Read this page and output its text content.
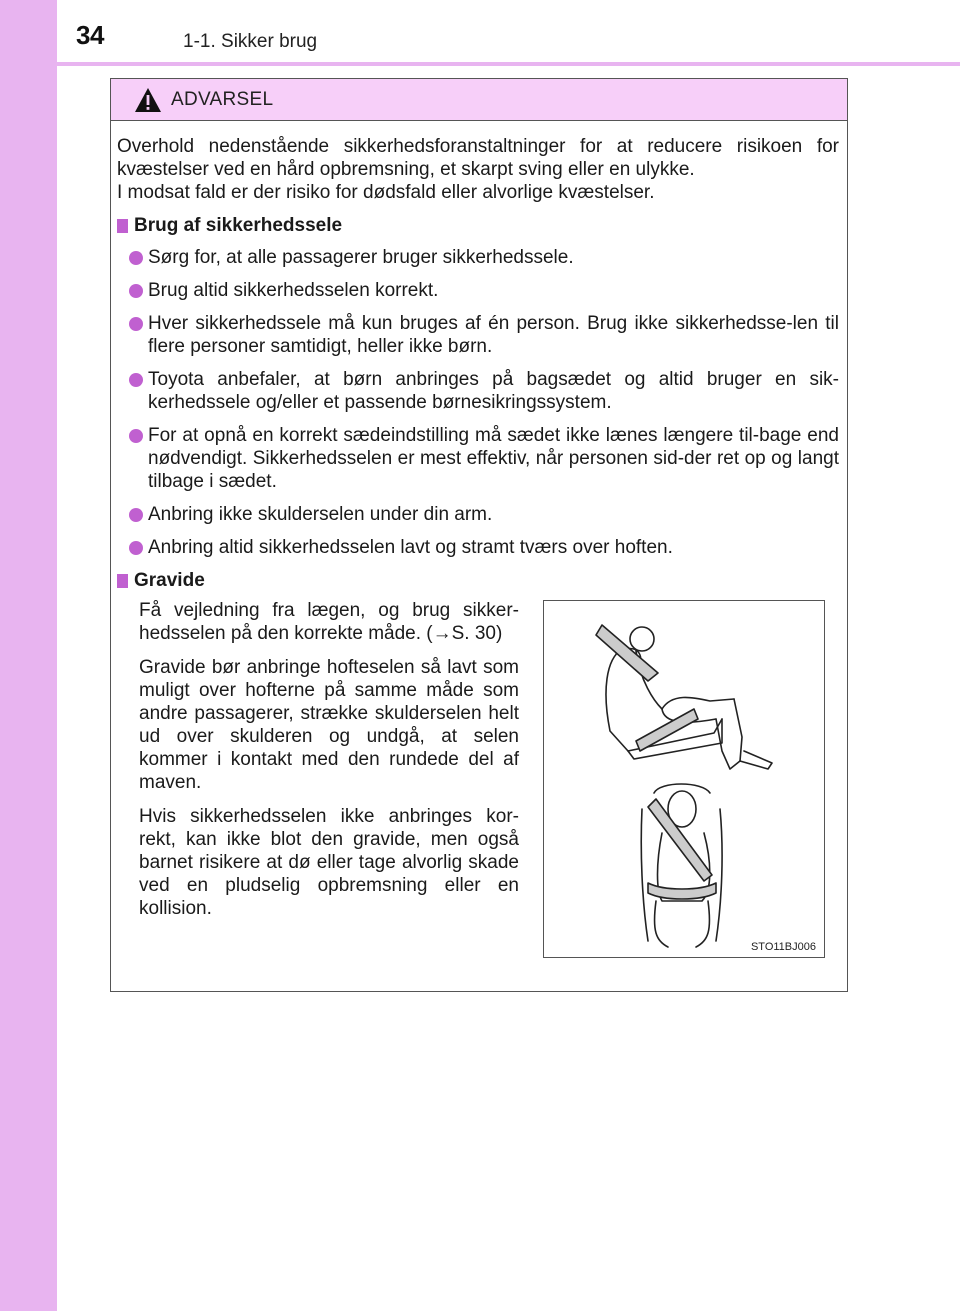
34	1-1. Sikker brug
ADVARSEL

Overhold nedenstående sikkerhedsforanstaltninger for at reducere risikoen for kvæstelser ved en hård opbremsning, et skarpt sving eller en ulykke.
I modsat fald er der risiko for dødsfald eller alvorlige kvæstelser.

Brug af sikkerhedssele
Sørg for, at alle passagerer bruger sikkerhedssele.
Brug altid sikkerhedsselen korrekt.
Hver sikkerhedssele må kun bruges af én person. Brug ikke sikkerhedsse-len til flere personer samtidigt, heller ikke børn.
Toyota anbefaler, at børn anbringes på bagsædet og altid bruger en sik-kerhedssele og/eller et passende børnesikringssystem.
For at opnå en korrekt sædeindstilling må sædet ikke lænes længere til-bage end nødvendigt. Sikkerhedsselen er mest effektiv, når personen sid-der ret op og langt tilbage i sædet.
Anbring ikke skulderselen under din arm.
Anbring altid sikkerhedsselen lavt og stramt tværs over hoften.
Gravide

Få vejledning fra lægen, og brug sikker-hedsselen på den korrekte måde. (→S. 30)

Gravide bør anbringe hofteselen så lavt som muligt over hofterne på samme måde som andre passagerer, strække skulderselen helt ud over skulderen og undgå, at selen kommer i kontakt med den rundede del af maven.

Hvis sikkerhedsselen ikke anbringes kor-rekt, kan ikke blot den gravide, men også barnet risikere at dø eller tage alvorlig skade ved en pludselig opbremsning eller en kollision.

STO11BJ006
